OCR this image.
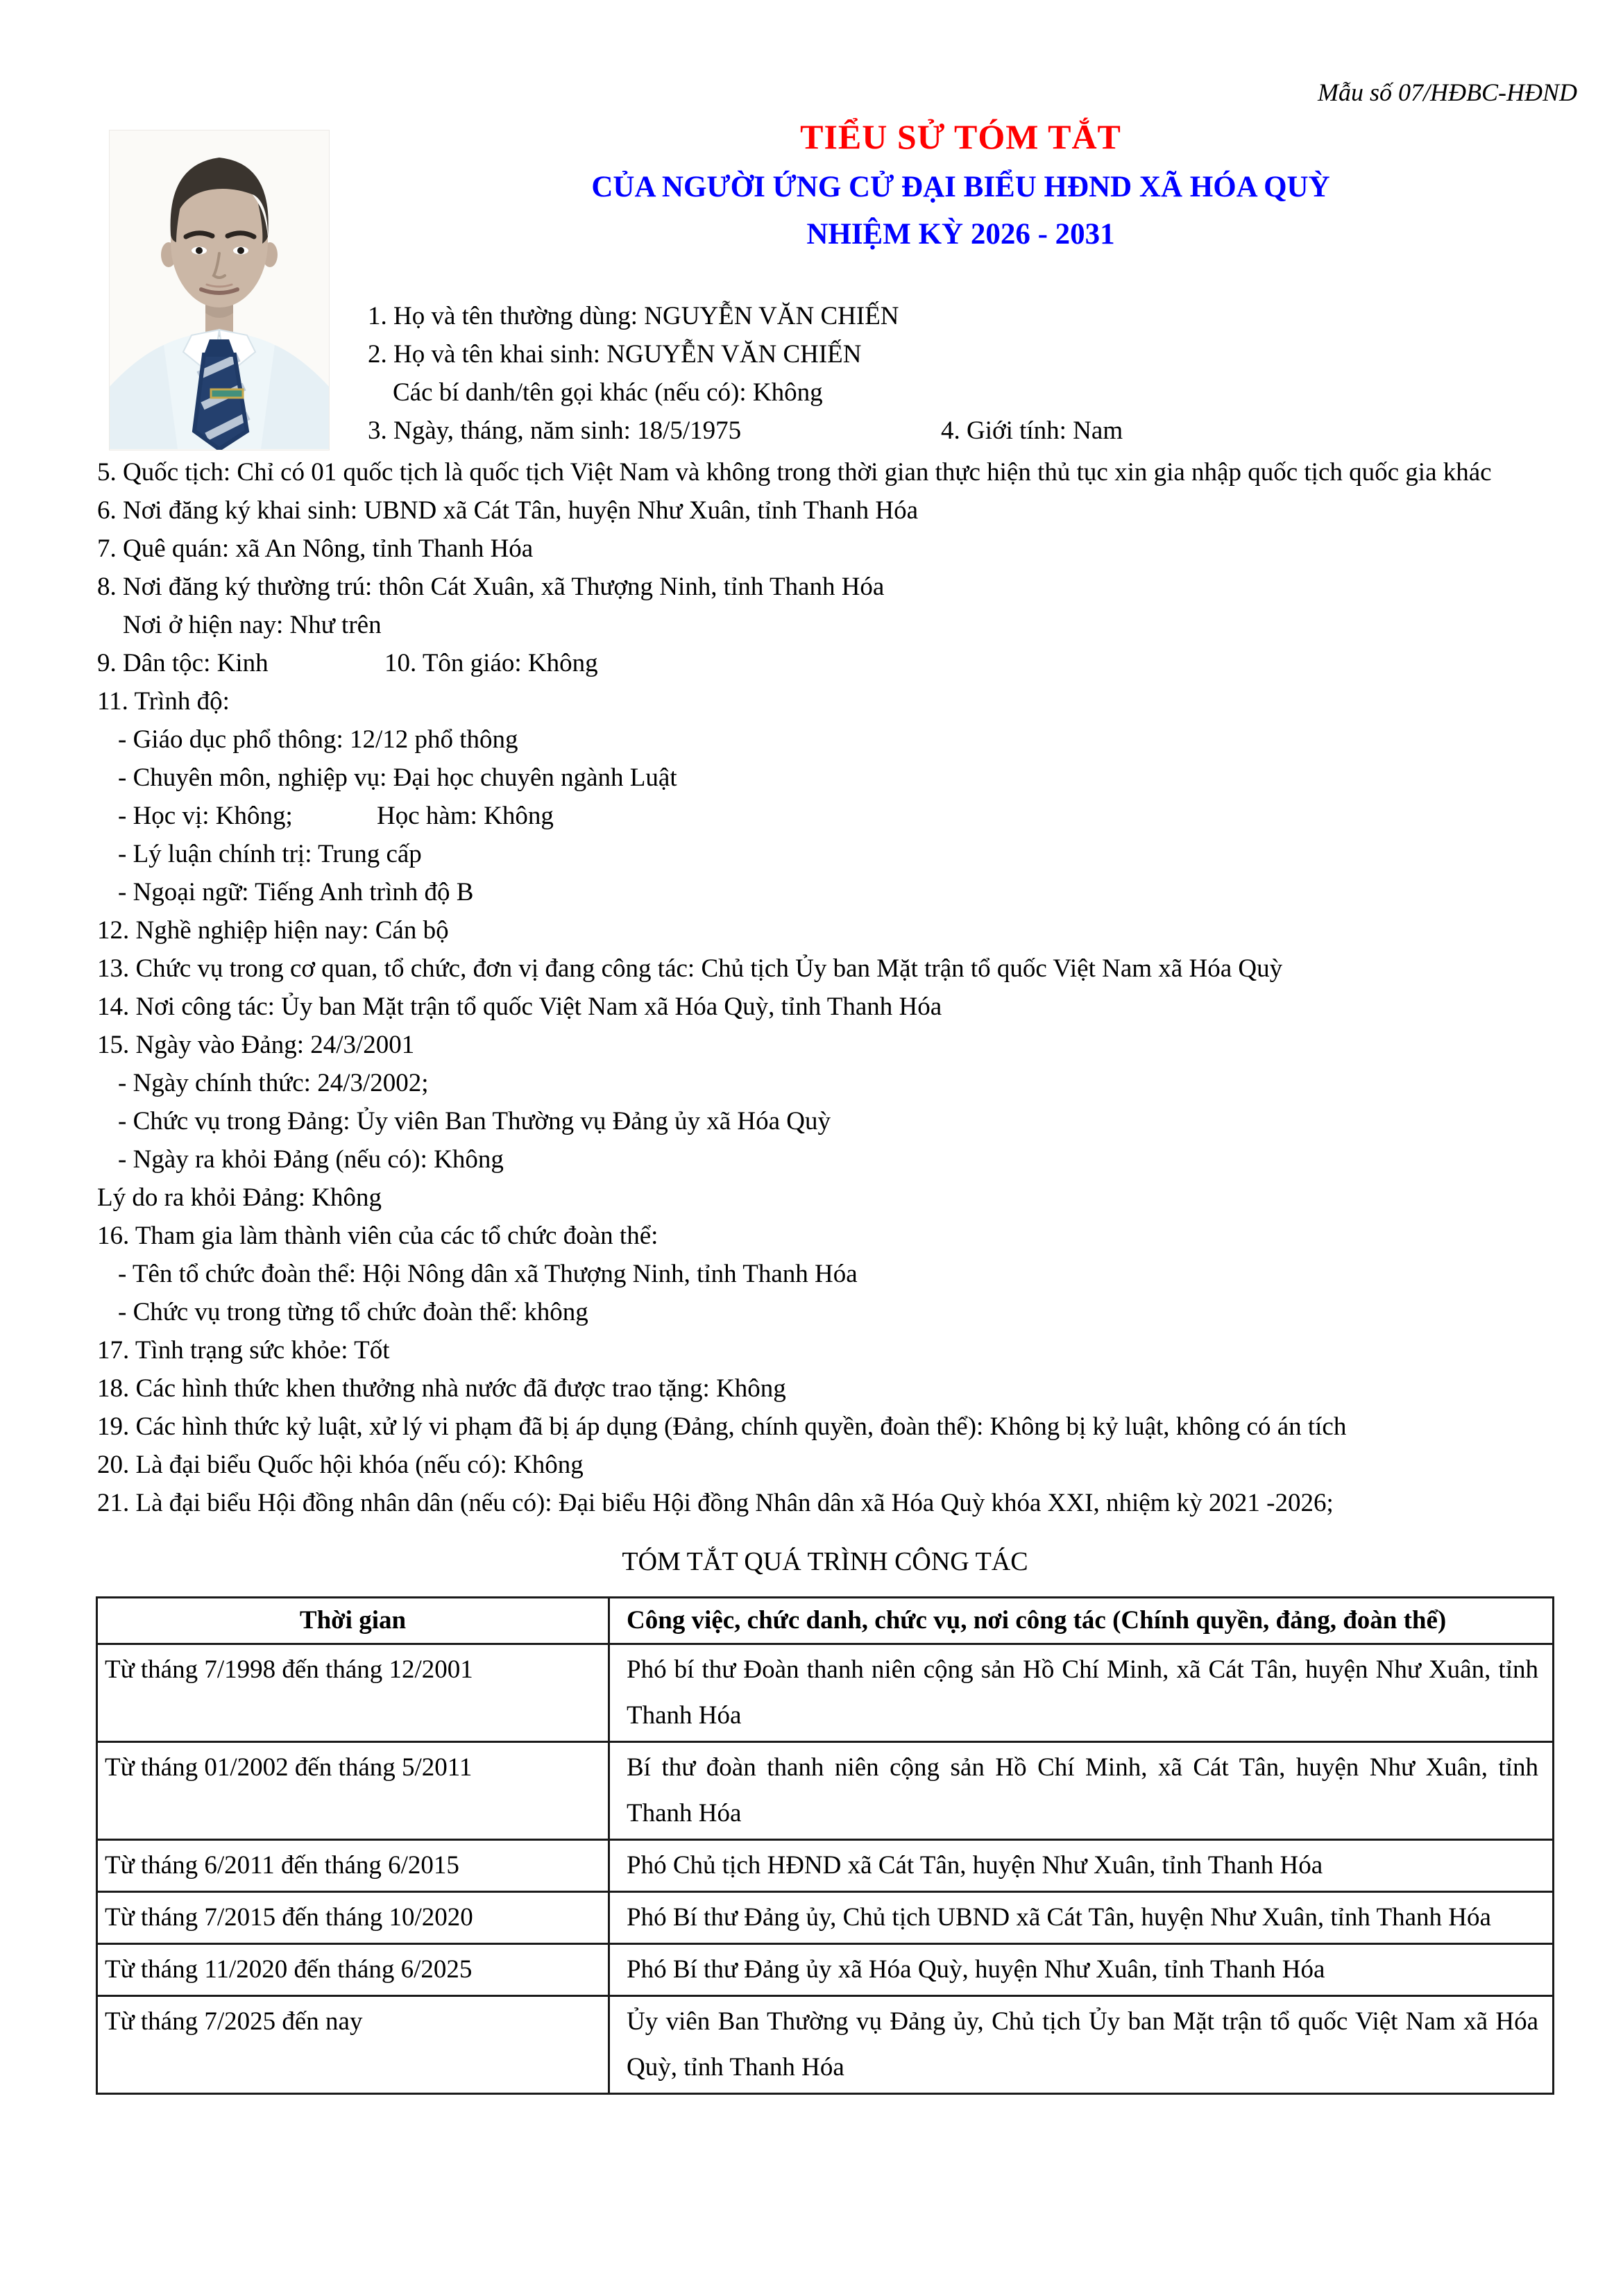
Mẫu số 07/HĐBC-HĐND
TIỂU SỬ TÓM TẮT
CỦA NGƯỜI ỨNG CỬ ĐẠI BIỂU HĐND XÃ HÓA QUỲ
NHIỆM KỲ 2026 - 2031
1. Họ và tên thường dùng: NGUYỄN VĂN CHIẾN
2. Họ và tên khai sinh: NGUYỄN VĂN CHIẾN
Các bí danh/tên gọi khác (nếu có): Không
3. Ngày, tháng, năm sinh: 18/5/1975	4. Giới tính: Nam
5. Quốc tịch: Chỉ có 01 quốc tịch là quốc tịch Việt Nam và không trong thời gian thực hiện thủ tục xin gia nhập quốc tịch quốc gia khác
6. Nơi đăng ký khai sinh: UBND xã Cát Tân, huyện Như Xuân, tỉnh Thanh Hóa
7. Quê quán: xã An Nông, tỉnh Thanh Hóa
8. Nơi đăng ký thường trú: thôn Cát Xuân, xã Thượng Ninh, tỉnh Thanh Hóa
Nơi ở hiện nay: Như trên
9. Dân tộc: Kinh	10. Tôn giáo: Không
11. Trình độ:
- Giáo dục phổ thông: 12/12 phổ thông
- Chuyên môn, nghiệp vụ: Đại học chuyên ngành Luật
- Học vị: Không;	Học hàm: Không
- Lý luận chính trị: Trung cấp
- Ngoại ngữ: Tiếng Anh trình độ B
12. Nghề nghiệp hiện nay: Cán bộ
13. Chức vụ trong cơ quan, tổ chức, đơn vị đang công tác: Chủ tịch Ủy ban Mặt trận tổ quốc Việt Nam xã Hóa Quỳ
14. Nơi công tác: Ủy ban Mặt trận tổ quốc Việt Nam xã Hóa Quỳ, tỉnh Thanh Hóa
15. Ngày vào Đảng: 24/3/2001
- Ngày chính thức: 24/3/2002;
- Chức vụ trong Đảng: Ủy viên Ban Thường vụ Đảng ủy xã Hóa Quỳ
- Ngày ra khỏi Đảng (nếu có): Không
Lý do ra khỏi Đảng: Không
16. Tham gia làm thành viên của các tổ chức đoàn thể:
- Tên tổ chức đoàn thể: Hội Nông dân xã Thượng Ninh, tỉnh Thanh Hóa
- Chức vụ trong từng tổ chức đoàn thể: không
17. Tình trạng sức khỏe: Tốt
18. Các hình thức khen thưởng nhà nước đã được trao tặng: Không
19. Các hình thức kỷ luật, xử lý vi phạm đã bị áp dụng (Đảng, chính quyền, đoàn thể): Không bị kỷ luật, không có án tích
20. Là đại biểu Quốc hội khóa (nếu có): Không
21. Là đại biểu Hội đồng nhân dân (nếu có): Đại biểu Hội đồng Nhân dân xã Hóa Quỳ khóa XXI, nhiệm kỳ 2021 -2026;
TÓM TẮT QUÁ TRÌNH CÔNG TÁC
Thời gian	Công việc, chức danh, chức vụ, nơi công tác (Chính quyền, đảng, đoàn thể)
Từ tháng 7/1998 đến tháng 12/2001	Phó bí thư Đoàn thanh niên cộng sản Hồ Chí Minh, xã Cát Tân, huyện Như Xuân, tỉnh Thanh Hóa
Từ tháng 01/2002 đến tháng 5/2011	Bí thư đoàn thanh niên cộng sản Hồ Chí Minh, xã Cát Tân, huyện Như Xuân, tỉnh Thanh Hóa
Từ tháng 6/2011 đến tháng 6/2015	Phó Chủ tịch HĐND xã Cát Tân, huyện Như Xuân, tỉnh Thanh Hóa
Từ tháng 7/2015 đến tháng 10/2020	Phó Bí thư Đảng ủy, Chủ tịch UBND xã Cát Tân, huyện Như Xuân, tỉnh Thanh Hóa
Từ tháng 11/2020 đến tháng 6/2025	Phó Bí thư Đảng ủy xã Hóa Quỳ, huyện Như Xuân, tỉnh Thanh Hóa
Từ tháng 7/2025 đến nay	Ủy viên Ban Thường vụ Đảng ủy, Chủ tịch Ủy ban Mặt trận tổ quốc Việt Nam xã Hóa Quỳ, tỉnh Thanh Hóa
